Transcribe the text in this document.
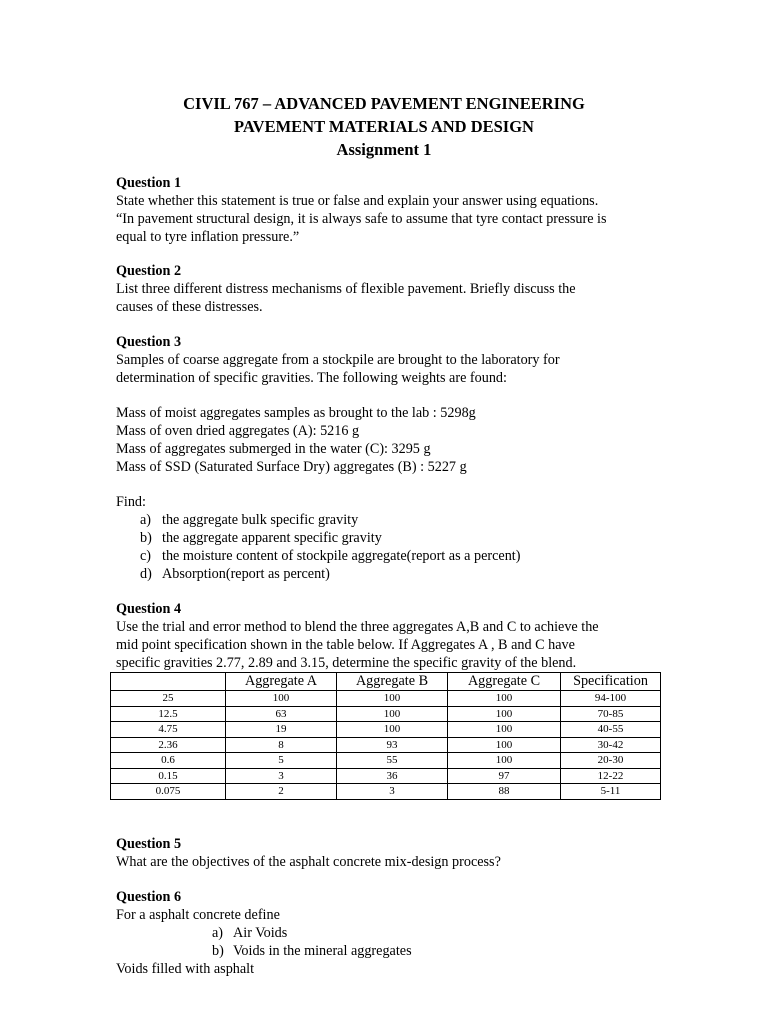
CIVIL 767 – ADVANCED PAVEMENT ENGINEERING
PAVEMENT MATERIALS AND DESIGN
Assignment 1
Question 1
State whether this statement is true or false and explain your answer using equations.
“In pavement structural design, it is always safe to assume that tyre contact pressure is
equal to tyre inflation pressure.”
Question 2
List three different distress mechanisms of flexible pavement. Briefly discuss the
causes of these distresses.
Question 3
Samples of coarse aggregate from a stockpile are brought to the laboratory for
determination of specific gravities. The following weights are found:
Mass of moist aggregates samples as brought to the lab : 5298g
Mass of oven dried aggregates (A): 5216 g
Mass of aggregates submerged in the water (C): 3295 g
Mass of SSD (Saturated Surface Dry) aggregates (B) : 5227 g
Find:
a) the aggregate bulk specific gravity
b) the aggregate apparent specific gravity
c) the moisture content of stockpile aggregate(report as a percent)
d) Absorption(report as percent)
Question 4
Use the trial and error method to blend the three aggregates A,B and C to achieve the
mid point specification shown in the table below. If Aggregates A , B and C have
specific gravities 2.77, 2.89 and 3.15, determine the specific gravity of the blend.
	Aggregate A	Aggregate B	Aggregate C	Specification
25	100	100	100	94-100
12.5	63	100	100	70-85
4.75	19	100	100	40-55
2.36	8	93	100	30-42
0.6	5	55	100	20-30
0.15	3	36	97	12-22
0.075	2	3	88	5-11
Question 5
What are the objectives of the asphalt concrete mix-design process?
Question 6
For a asphalt concrete define
a) Air Voids
b) Voids in the mineral aggregates
Voids filled with asphalt
